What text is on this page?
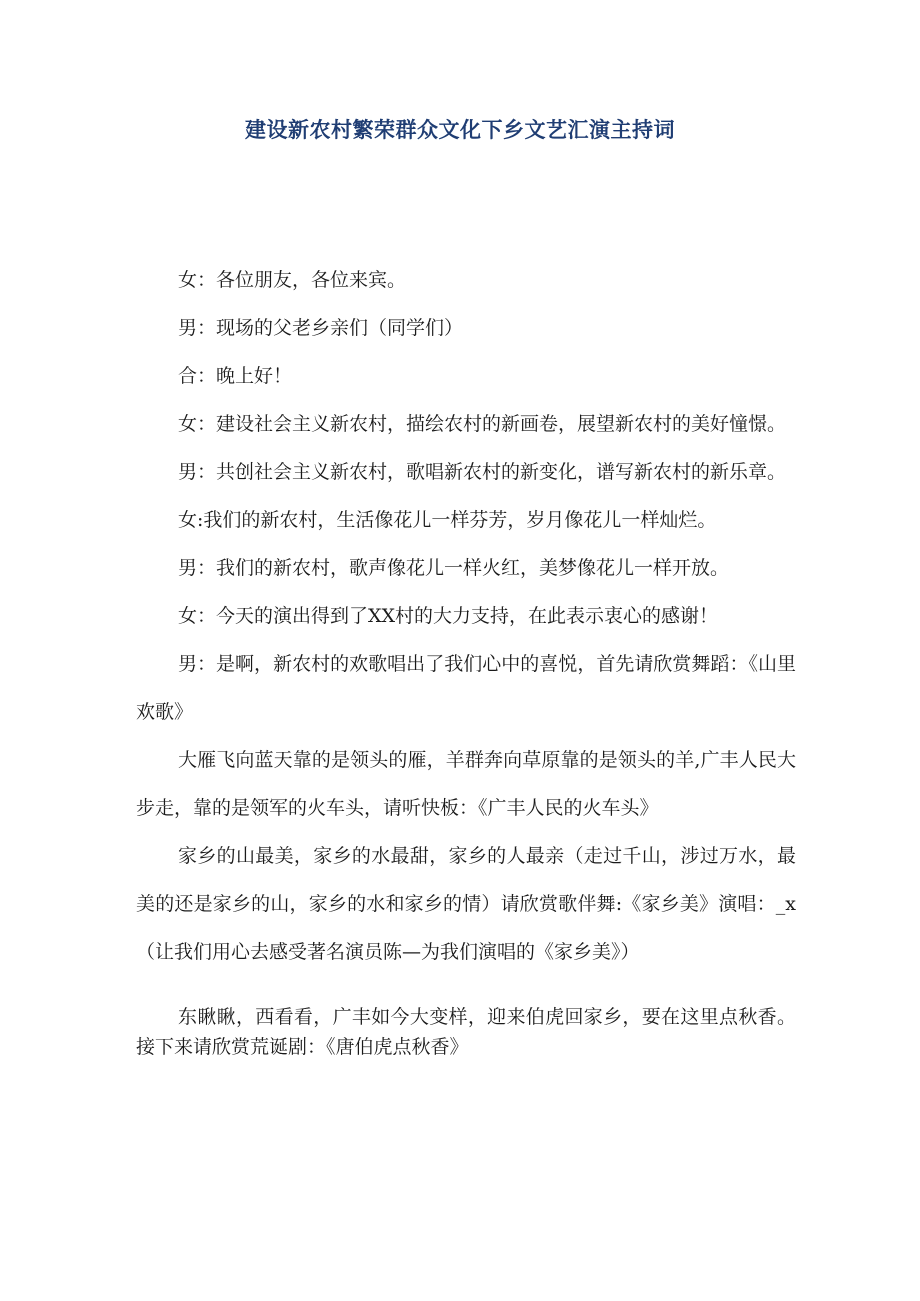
建设新农村繁荣群众文化下乡文艺汇演主持词

女：各位朋友，各位来宾。

男：现场的父老乡亲们（同学们）

合：晚上好！

女：建设社会主义新农村，描绘农村的新画卷，展望新农村的美好憧憬。

男：共创社会主义新农村，歌唱新农村的新变化，谱写新农村的新乐章。

女:我们的新农村，生活像花儿一样芬芳，岁月像花儿一样灿烂。

男：我们的新农村，歌声像花儿一样火红，美梦像花儿一样开放。

女：今天的演出得到了XX村的大力支持，在此表示衷心的感谢！

男：是啊，新农村的欢歌唱出了我们心中的喜悦，首先请欣赏舞蹈：《山里欢歌》

大雁飞向蓝天靠的是领头的雁，羊群奔向草原靠的是领头的羊,广丰人民大步走，靠的是领军的火车头，请听快板：《广丰人民的火车头》

家乡的山最美，家乡的水最甜，家乡的人最亲（走过千山，涉过万水，最美的还是家乡的山，家乡的水和家乡的情）请欣赏歌伴舞:《家乡美》演唱：_x（让我们用心去感受著名演员陈—为我们演唱的《家乡美》）

东瞅瞅，西看看，广丰如今大变样，迎来伯虎回家乡，要在这里点秋香。接下来请欣赏荒诞剧：《唐伯虎点秋香》
